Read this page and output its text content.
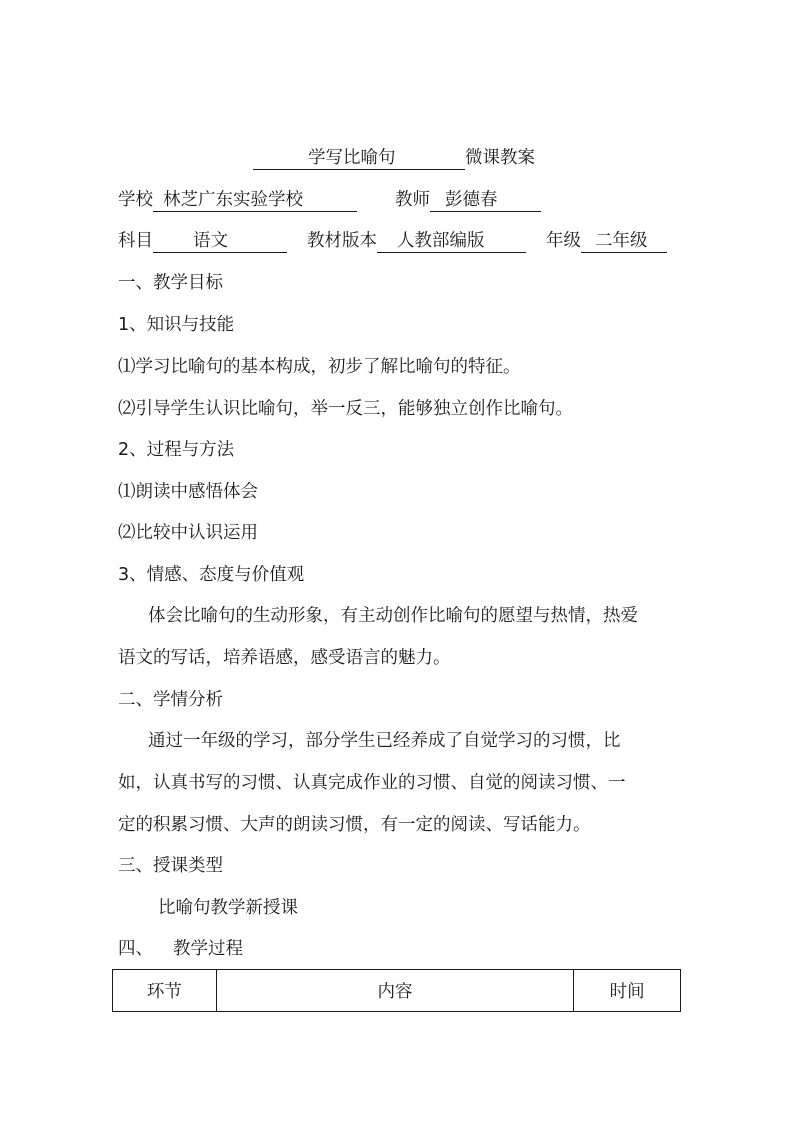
学写比喻句	微课教案
学校 林芝广东实验学校	教师 彭德春
科目 语文	教材版本 人教部编版	年级 二年级
一、教学目标
1、知识与技能
⑴学习比喻句的基本构成，初步了解比喻句的特征。
⑵引导学生认识比喻句，举一反三，能够独立创作比喻句。
2、过程与方法
⑴朗读中感悟体会
⑵比较中认识运用
3、情感、态度与价值观
体会比喻句的生动形象，有主动创作比喻句的愿望与热情，热爱
语文的写话，培养语感，感受语言的魅力。
二、学情分析
通过一年级的学习，部分学生已经养成了自觉学习的习惯，比
如，认真书写的习惯、认真完成作业的习惯、自觉的阅读习惯、一
定的积累习惯、大声的朗读习惯，有一定的阅读、写话能力。
三、授课类型
比喻句教学新授课
四、 教学过程
环节	内容	时间
